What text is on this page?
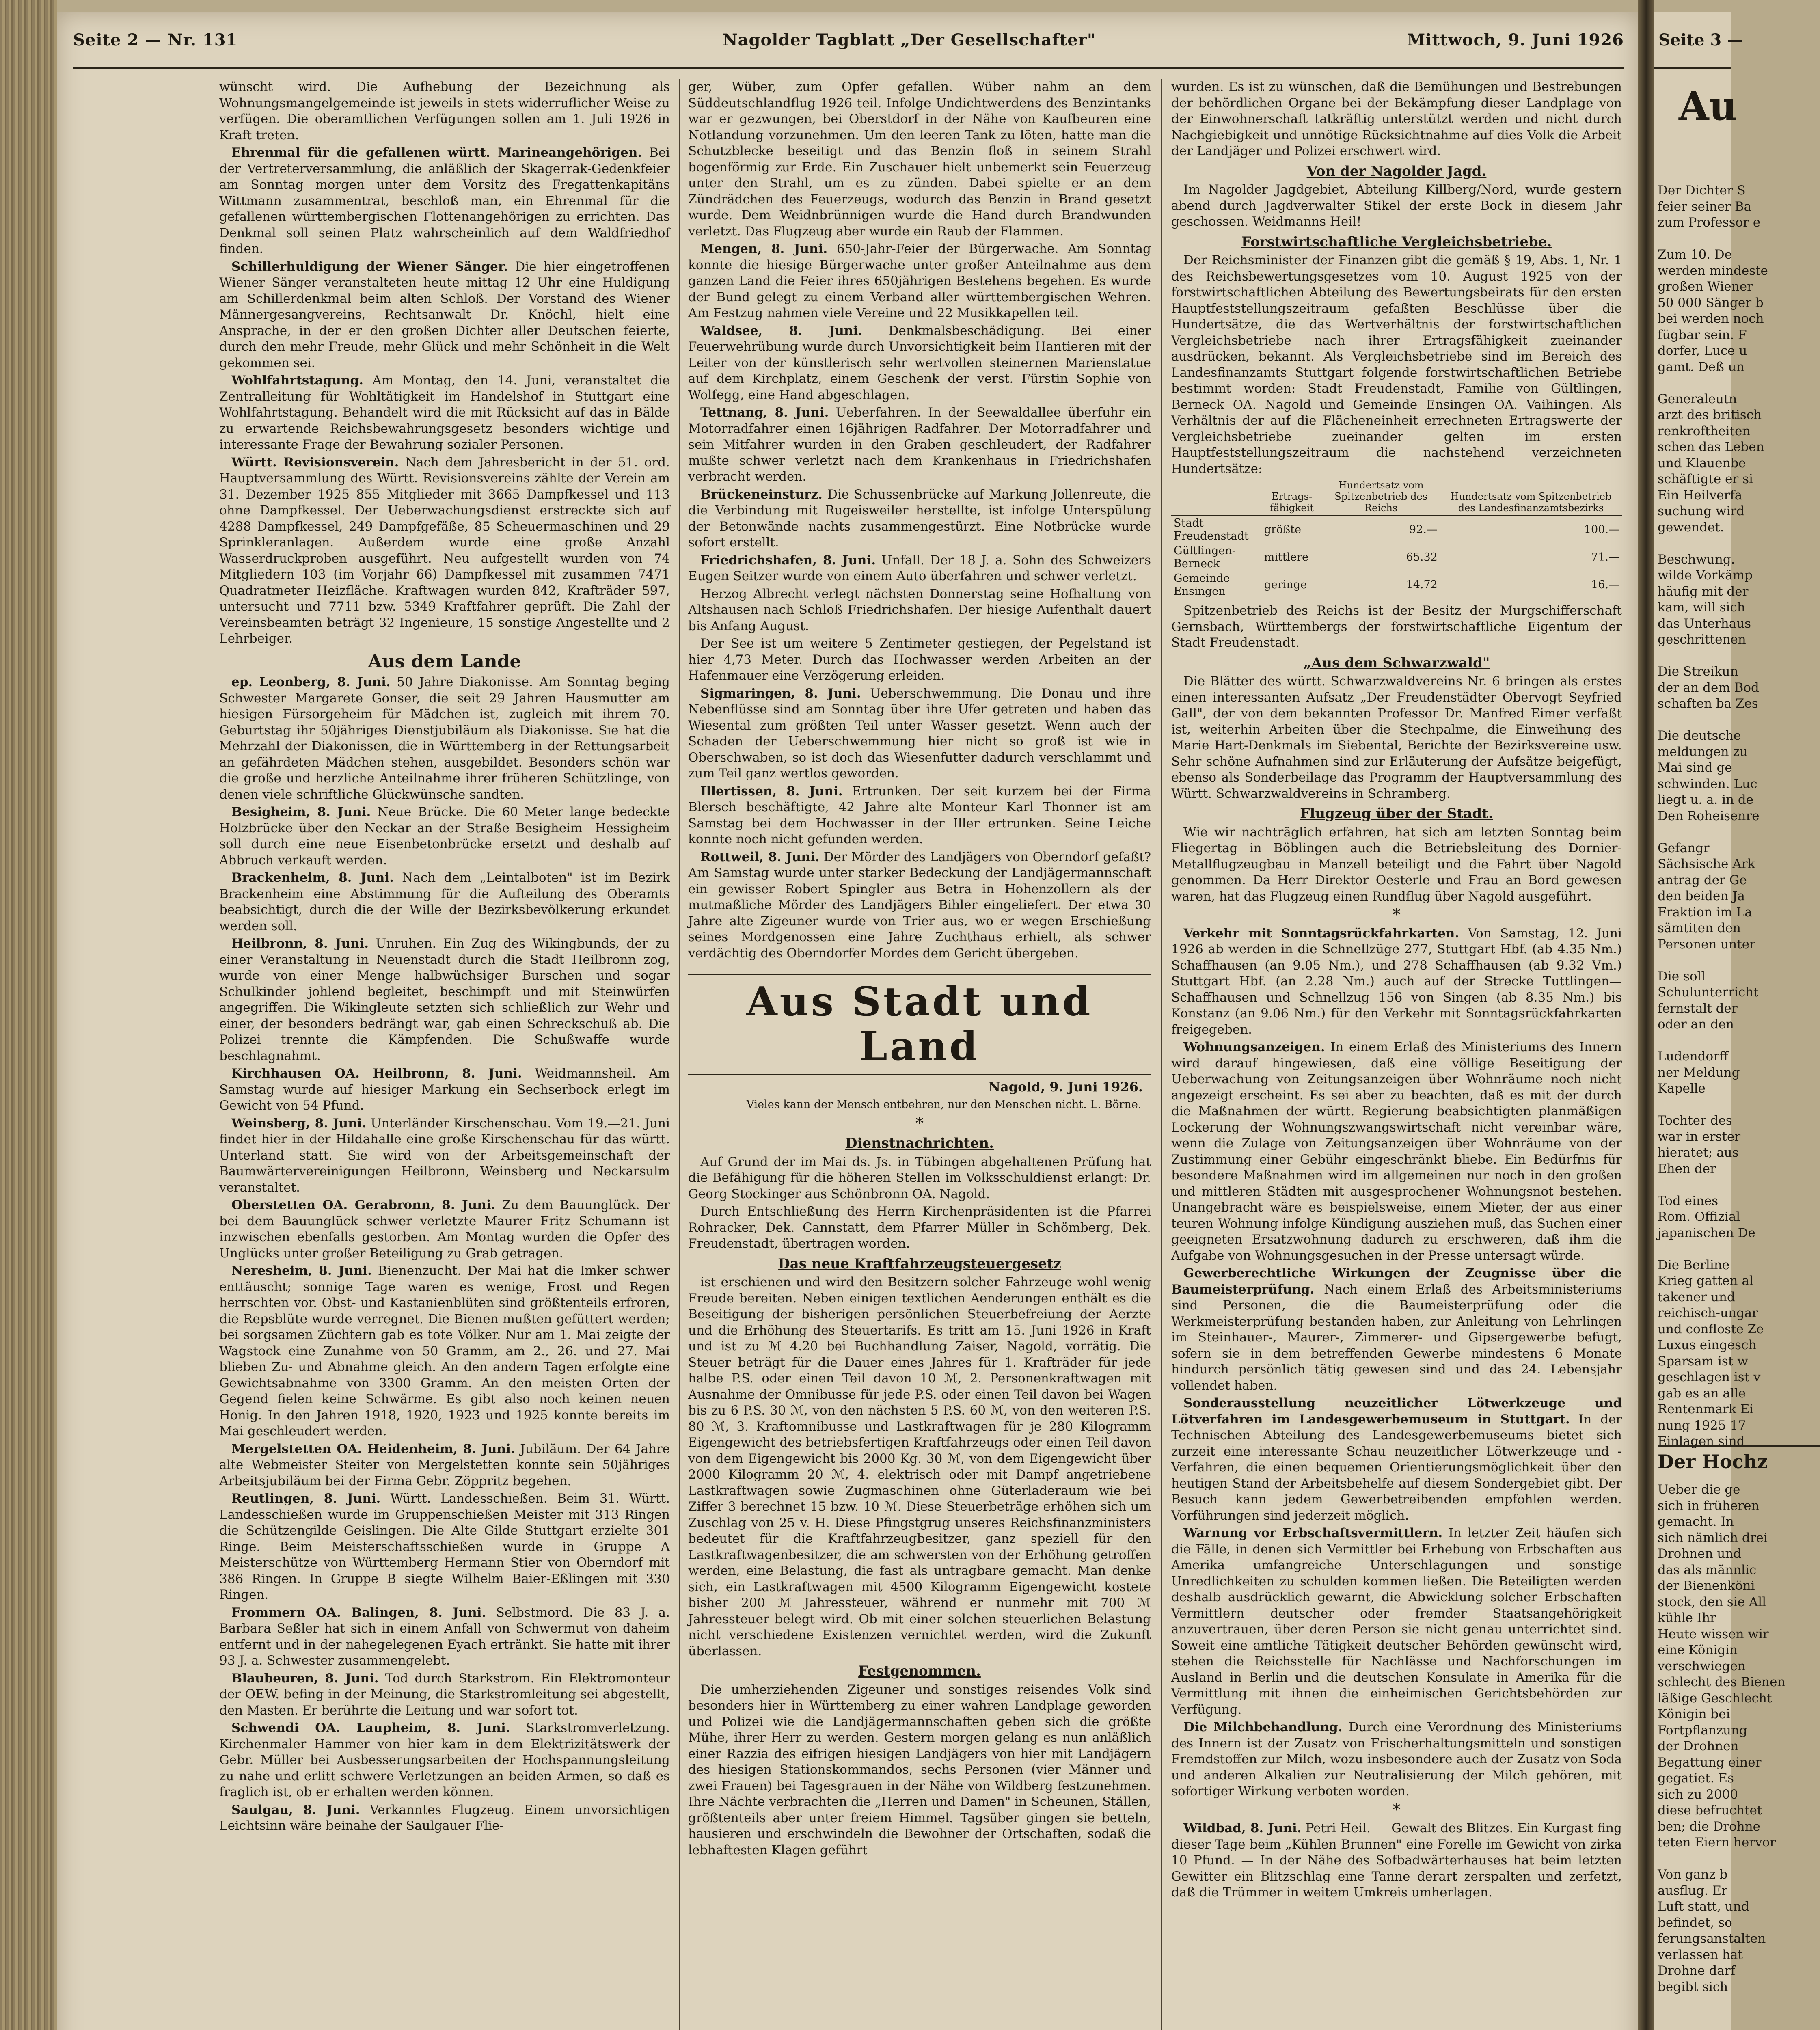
Seite 2 — Nr. 131	Nagolder Tagblatt „Der Gesellschafter"	Mittwoch, 9. Juni 1926

wünscht wird. Die Aufhebung der Bezeichnung als Wohnungsmangelgemeinde ist jeweils in stets widerruflicher Weise zu verfügen. Die oberamtlichen Verfügungen sollen am 1. Juli 1926 in Kraft treten.

Ehrenmal für die gefallenen württ. Marineangehörigen. Bei der Vertreterversammlung, die anläßlich der Skagerrak-Gedenkfeier am Sonntag morgen unter dem Vorsitz des Fregattenkapitäns Wittmann zusammentrat, beschloß man, ein Ehrenmal für die gefallenen württembergischen Flottenangehörigen zu errichten. Das Denkmal soll seinen Platz wahrscheinlich auf dem Waldfriedhof finden.

Schillerhuldigung der Wiener Sänger. Die hier eingetroffenen Wiener Sänger veranstalteten heute mittag 12 Uhr eine Huldigung am Schillerdenkmal beim alten Schloß. Der Vorstand des Wiener Männergesangvereins, Rechtsanwalt Dr. Knöchl, hielt eine Ansprache, in der er den großen Dichter aller Deutschen feierte, durch den mehr Freude, mehr Glück und mehr Schönheit in die Welt gekommen sei.

Wohlfahrtstagung. Am Montag, den 14. Juni, veranstaltet die Zentralleitung für Wohltätigkeit im Handelshof in Stuttgart eine Wohlfahrtstagung. Behandelt wird die mit Rücksicht auf das in Bälde zu erwartende Reichsbewahrungsgesetz besonders wichtige und interessante Frage der Bewahrung sozialer Personen.

Württ. Revisionsverein. Nach dem Jahresbericht in der 51. ord. Hauptversammlung des Württ. Revisionsvereins zählte der Verein am 31. Dezember 1925 855 Mitglieder mit 3665 Dampfkessel und 113 ohne Dampfkessel. Der Ueberwachungsdienst erstreckte sich auf 4288 Dampfkessel, 249 Dampfgefäße, 85 Scheuermaschinen und 29 Sprinkleranlagen. Außerdem wurde eine große Anzahl Wasserdruckproben ausgeführt. Neu aufgestellt wurden von 74 Mitgliedern 103 (im Vorjahr 66) Dampfkessel mit zusammen 7471 Quadratmeter Heizfläche. Kraftwagen wurden 842, Krafträder 597, untersucht und 7711 bzw. 5349 Kraftfahrer geprüft. Die Zahl der Vereinsbeamten beträgt 32 Ingenieure, 15 sonstige Angestellte und 2 Lehrbeiger.

Aus dem Lande

ep. Leonberg, 8. Juni. 50 Jahre Diakonisse. Am Sonntag beging Schwester Margarete Gonser, die seit 29 Jahren Hausmutter am hiesigen Fürsorgeheim für Mädchen ist, zugleich mit ihrem 70. Geburtstag ihr 50jähriges Dienstjubiläum als Diakonisse. Sie hat die Mehrzahl der Diakonissen, die in Württemberg in der Rettungsarbeit an gefährdeten Mädchen stehen, ausgebildet. Besonders schön war die große und herzliche Anteilnahme ihrer früheren Schützlinge, von denen viele schriftliche Glückwünsche sandten.

Besigheim, 8. Juni. Neue Brücke. Die 60 Meter lange bedeckte Holzbrücke über den Neckar an der Straße Besigheim—Hessigheim soll durch eine neue Eisenbetonbrücke ersetzt und deshalb auf Abbruch verkauft werden.

Brackenheim, 8. Juni. Nach dem „Leintalboten" ist im Bezirk Brackenheim eine Abstimmung für die Aufteilung des Oberamts beabsichtigt, durch die der Wille der Bezirksbevölkerung erkundet werden soll.

Heilbronn, 8. Juni. Unruhen. Ein Zug des Wikingbunds, der zu einer Veranstaltung in Neuenstadt durch die Stadt Heilbronn zog, wurde von einer Menge halbwüchsiger Burschen und sogar Schulkinder johlend begleitet, beschimpft und mit Steinwürfen angegriffen. Die Wikingleute setzten sich schließlich zur Wehr und einer, der besonders bedrängt war, gab einen Schreckschuß ab. Die Polizei trennte die Kämpfenden. Die Schußwaffe wurde beschlagnahmt.

Kirchhausen OA. Heilbronn, 8. Juni. Weidmannsheil. Am Samstag wurde auf hiesiger Markung ein Sechserbock erlegt im Gewicht von 54 Pfund.

Weinsberg, 8. Juni. Unterländer Kirschenschau. Vom 19.—21. Juni findet hier in der Hildahalle eine große Kirschenschau für das württ. Unterland statt. Sie wird von der Arbeitsgemeinschaft der Baumwärtervereinigungen Heilbronn, Weinsberg und Neckarsulm veranstaltet.

Oberstetten OA. Gerabronn, 8. Juni. Zu dem Bauunglück. Der bei dem Bauunglück schwer verletzte Maurer Fritz Schumann ist inzwischen ebenfalls gestorben. Am Montag wurden die Opfer des Unglücks unter großer Beteiligung zu Grab getragen.

Neresheim, 8. Juni. Bienenzucht. Der Mai hat die Imker schwer enttäuscht; sonnige Tage waren es wenige, Frost und Regen herrschten vor. Obst- und Kastanienblüten sind größtenteils erfroren, die Repsblüte wurde verregnet. Die Bienen mußten gefüttert werden; bei sorgsamen Züchtern gab es tote Völker. Nur am 1. Mai zeigte der Wagstock eine Zunahme von 50 Gramm, am 2., 26. und 27. Mai blieben Zu- und Abnahme gleich. An den andern Tagen erfolgte eine Gewichtsabnahme von 3300 Gramm. An den meisten Orten der Gegend fielen keine Schwärme. Es gibt also noch keinen neuen Honig. In den Jahren 1918, 1920, 1923 und 1925 konnte bereits im Mai geschleudert werden.

Mergelstetten OA. Heidenheim, 8. Juni. Jubiläum. Der 64 Jahre alte Webmeister Steiter von Mergelstetten konnte sein 50jähriges Arbeitsjubiläum bei der Firma Gebr. Zöppritz begehen.

Reutlingen, 8. Juni. Württ. Landesschießen. Beim 31. Württ. Landesschießen wurde im Gruppenschießen Meister mit 313 Ringen die Schützengilde Geislingen. Die Alte Gilde Stuttgart erzielte 301 Ringe. Beim Meisterschaftsschießen wurde in Gruppe A Meisterschütze von Württemberg Hermann Stier von Oberndorf mit 386 Ringen. In Gruppe B siegte Wilhelm Baier-Eßlingen mit 330 Ringen.

Frommern OA. Balingen, 8. Juni. Selbstmord. Die 83 J. a. Barbara Seßler hat sich in einem Anfall von Schwermut von daheim entfernt und in der nahegelegenen Eyach ertränkt. Sie hatte mit ihrer 93 J. a. Schwester zusammengelebt.

Blaubeuren, 8. Juni. Tod durch Starkstrom. Ein Elektromonteur der OEW. befing in der Meinung, die Starkstromleitung sei abgestellt, den Masten. Er berührte die Leitung und war sofort tot.

Schwendi OA. Laupheim, 8. Juni. Starkstromverletzung. Kirchenmaler Hammer von hier kam in dem Elektrizitätswerk der Gebr. Müller bei Ausbesserungsarbeiten der Hochspannungsleitung zu nahe und erlitt schwere Verletzungen an beiden Armen, so daß es fraglich ist, ob er erhalten werden können.

Saulgau, 8. Juni. Verkanntes Flugzeug. Einem unvorsichtigen Leichtsinn wäre beinahe der Saulgauer Flie-

ger, Wüber, zum Opfer gefallen. Wüber nahm an dem Süddeutschlandflug 1926 teil. Infolge Undichtwerdens des Benzintanks war er gezwungen, bei Oberstdorf in der Nähe von Kaufbeuren eine Notlandung vorzunehmen. Um den leeren Tank zu löten, hatte man die Schutzblecke beseitigt und das Benzin floß in seinem Strahl bogenförmig zur Erde. Ein Zuschauer hielt unbemerkt sein Feuerzeug unter den Strahl, um es zu zünden. Dabei spielte er an dem Zündrädchen des Feuerzeugs, wodurch das Benzin in Brand gesetzt wurde. Dem Weidnbrünnigen wurde die Hand durch Brandwunden verletzt. Das Flugzeug aber wurde ein Raub der Flammen.

Mengen, 8. Juni. 650-Jahr-Feier der Bürgerwache. Am Sonntag konnte die hiesige Bürgerwache unter großer Anteilnahme aus dem ganzen Land die Feier ihres 650jährigen Bestehens begehen. Es wurde der Bund gelegt zu einem Verband aller württembergischen Wehren. Am Festzug nahmen viele Vereine und 22 Musikkapellen teil.

Waldsee, 8. Juni. Denkmalsbeschädigung. Bei einer Feuerwehrübung wurde durch Unvorsichtigkeit beim Hantieren mit der Leiter von der künstlerisch sehr wertvollen steinernen Marienstatue auf dem Kirchplatz, einem Geschenk der verst. Fürstin Sophie von Wolfegg, eine Hand abgeschlagen.

Tettnang, 8. Juni. Ueberfahren. In der Seewaldallee überfuhr ein Motorradfahrer einen 16jährigen Radfahrer. Der Motorradfahrer und sein Mitfahrer wurden in den Graben geschleudert, der Radfahrer mußte schwer verletzt nach dem Krankenhaus in Friedrichshafen verbracht werden.

Brückeneinsturz. Die Schussenbrücke auf Markung Jollenreute, die die Verbindung mit Rugeisweiler herstellte, ist infolge Unterspülung der Betonwände nachts zusammengestürzt. Eine Notbrücke wurde sofort erstellt.

Friedrichshafen, 8. Juni. Unfall. Der 18 J. a. Sohn des Schweizers Eugen Seitzer wurde von einem Auto überfahren und schwer verletzt.

Herzog Albrecht verlegt nächsten Donnerstag seine Hofhaltung von Altshausen nach Schloß Friedrichshafen. Der hiesige Aufenthalt dauert bis Anfang August.

Der See ist um weitere 5 Zentimeter gestiegen, der Pegelstand ist hier 4,73 Meter. Durch das Hochwasser werden Arbeiten an der Hafenmauer eine Verzögerung erleiden.

Sigmaringen, 8. Juni. Ueberschwemmung. Die Donau und ihre Nebenflüsse sind am Sonntag über ihre Ufer getreten und haben das Wiesental zum größten Teil unter Wasser gesetzt. Wenn auch der Schaden der Ueberschwemmung hier nicht so groß ist wie in Oberschwaben, so ist doch das Wiesenfutter dadurch verschlammt und zum Teil ganz wertlos geworden.

Illertissen, 8. Juni. Ertrunken. Der seit kurzem bei der Firma Blersch beschäftigte, 42 Jahre alte Monteur Karl Thonner ist am Samstag bei dem Hochwasser in der Iller ertrunken. Seine Leiche konnte noch nicht gefunden werden.

Rottweil, 8. Juni. Der Mörder des Landjägers von Oberndorf gefaßt? Am Samstag wurde unter starker Bedeckung der Landjägermannschaft ein gewisser Robert Spingler aus Betra in Hohenzollern als der mutmaßliche Mörder des Landjägers Bihler eingeliefert. Der etwa 30 Jahre alte Zigeuner wurde von Trier aus, wo er wegen Erschießung seines Mordgenossen eine Jahre Zuchthaus erhielt, als schwer verdächtig des Oberndorfer Mordes dem Gericht übergeben.

Aus Stadt und Land
Nagold, 9. Juni 1926.
Vieles kann der Mensch entbehren, nur den Menschen nicht. L. Börne.
*
Dienstnachrichten.

Auf Grund der im Mai ds. Js. in Tübingen abgehaltenen Prüfung hat die Befähigung für die höheren Stellen im Volksschuldienst erlangt: Dr. Georg Stockinger aus Schönbronn OA. Nagold.

Durch Entschließung des Herrn Kirchenpräsidenten ist die Pfarrei Rohracker, Dek. Cannstatt, dem Pfarrer Müller in Schömberg, Dek. Freudenstadt, übertragen worden.

Das neue Kraftfahrzeugsteuergesetz

ist erschienen und wird den Besitzern solcher Fahrzeuge wohl wenig Freude bereiten. Neben einigen textlichen Aenderungen enthält es die Beseitigung der bisherigen persönlichen Steuerbefreiung der Aerzte und die Erhöhung des Steuertarifs. Es tritt am 15. Juni 1926 in Kraft und ist zu ℳ 4.20 bei Buchhandlung Zaiser, Nagold, vorrätig. Die Steuer beträgt für die Dauer eines Jahres für 1. Krafträder für jede halbe P.S. oder einen Teil davon 10 ℳ, 2. Personenkraftwagen mit Ausnahme der Omnibusse für jede P.S. oder einen Teil davon bei Wagen bis zu 6 P.S. 30 ℳ, von den nächsten 5 P.S. 60 ℳ, von den weiteren P.S. 80 ℳ, 3. Kraftomnibusse und Lastkraftwagen für je 280 Kilogramm Eigengewicht des betriebsfertigen Kraftfahrzeugs oder einen Teil davon von dem Eigengewicht bis 2000 Kg. 30 ℳ, von dem Eigengewicht über 2000 Kilogramm 20 ℳ, 4. elektrisch oder mit Dampf angetriebene Lastkraftwagen sowie Zugmaschinen ohne Güterladeraum wie bei Ziffer 3 berechnet 15 bzw. 10 ℳ. Diese Steuerbeträge erhöhen sich um Zuschlag von 25 v. H. Diese Pfingstgrug unseres Reichsfinanzministers bedeutet für die Kraftfahrzeugbesitzer, ganz speziell für den Lastkraftwagenbesitzer, die am schwersten von der Erhöhung getroffen werden, eine Belastung, die fast als untragbare gemacht. Man denke sich, ein Lastkraftwagen mit 4500 Kilogramm Eigengewicht kostete bisher 200 ℳ Jahressteuer, während er nunmehr mit 700 ℳ Jahressteuer belegt wird. Ob mit einer solchen steuerlichen Belastung nicht verschiedene Existenzen vernichtet werden, wird die Zukunft überlassen.

Festgenommen.

Die umherziehenden Zigeuner und sonstiges reisendes Volk sind besonders hier in Württemberg zu einer wahren Landplage geworden und Polizei wie die Landjägermannschaften geben sich die größte Mühe, ihrer Herr zu werden. Gestern morgen gelang es nun anläßlich einer Razzia des eifrigen hiesigen Landjägers von hier mit Landjägern des hiesigen Stationskommandos, sechs Personen (vier Männer und zwei Frauen) bei Tagesgrauen in der Nähe von Wildberg festzunehmen. Ihre Nächte verbrachten die „Herren und Damen" in Scheunen, Ställen, größtenteils aber unter freiem Himmel. Tagsüber gingen sie betteln, hausieren und erschwindeln die Bewohner der Ortschaften, sodaß die lebhaftesten Klagen geführt

wurden. Es ist zu wünschen, daß die Bemühungen und Bestrebungen der behördlichen Organe bei der Bekämpfung dieser Landplage von der Einwohnerschaft tatkräftig unterstützt werden und nicht durch Nachgiebigkeit und unnötige Rücksichtnahme auf dies Volk die Arbeit der Landjäger und Polizei erschwert wird.

Von der Nagolder Jagd.

Im Nagolder Jagdgebiet, Abteilung Killberg/Nord, wurde gestern abend durch Jagdverwalter Stikel der erste Bock in diesem Jahr geschossen. Weidmanns Heil!

Forstwirtschaftliche Vergleichsbetriebe.

Der Reichsminister der Finanzen gibt die gemäß § 19, Abs. 1, Nr. 1 des Reichsbewertungsgesetzes vom 10. August 1925 von der forstwirtschaftlichen Abteilung des Bewertungsbeirats für den ersten Hauptfeststellungszeitraum gefaßten Beschlüsse über die Hundertsätze, die das Wertverhältnis der forstwirtschaftlichen Vergleichsbetriebe nach ihrer Ertragsfähigkeit zueinander ausdrücken, bekannt. Als Vergleichsbetriebe sind im Bereich des Landesfinanzamts Stuttgart folgende forstwirtschaftlichen Betriebe bestimmt worden: Stadt Freudenstadt, Familie von Gültlingen, Berneck OA. Nagold und Gemeinde Ensingen OA. Vaihingen. Als Verhältnis der auf die Flächeneinheit errechneten Ertragswerte der Vergleichsbetriebe zueinander gelten im ersten Hauptfeststellungszeitraum die nachstehend verzeichneten Hundertsätze:

	Ertrags-fähigkeit	Hundertsatz vom Spitzenbetrieb des Reichs	Hundertsatz vom Spitzenbetrieb des Landesfinanzamtsbezirks
Stadt Freudenstadt	größte	92.—	100.—
Gültlingen-Berneck	mittlere	65.32	71.—
Gemeinde Ensingen	geringe	14.72	16.—

Spitzenbetrieb des Reichs ist der Besitz der Murgschifferschaft Gernsbach, Württembergs der forstwirtschaftliche Eigentum der Stadt Freudenstadt.

„Aus dem Schwarzwald"

Die Blätter des württ. Schwarzwaldvereins Nr. 6 bringen als erstes einen interessanten Aufsatz „Der Freudenstädter Obervogt Seyfried Gall", der von dem bekannten Professor Dr. Manfred Eimer verfaßt ist, weiterhin Arbeiten über die Stechpalme, die Einweihung des Marie Hart-Denkmals im Siebental, Berichte der Bezirksvereine usw. Sehr schöne Aufnahmen sind zur Erläuterung der Aufsätze beigefügt, ebenso als Sonderbeilage das Programm der Hauptversammlung des Württ. Schwarzwaldvereins in Schramberg.

Flugzeug über der Stadt.

Wie wir nachträglich erfahren, hat sich am letzten Sonntag beim Fliegertag in Böblingen auch die Betriebsleitung des Dornier-Metallflugzeugbau in Manzell beteiligt und die Fahrt über Nagold genommen. Da Herr Direktor Oesterle und Frau an Bord gewesen waren, hat das Flugzeug einen Rundflug über Nagold ausgeführt.

*

Verkehr mit Sonntagsrückfahrkarten. Von Samstag, 12. Juni 1926 ab werden in die Schnellzüge 277, Stuttgart Hbf. (ab 4.35 Nm.) Schaffhausen (an 9.05 Nm.), und 278 Schaffhausen (ab 9.32 Vm.) Stuttgart Hbf. (an 2.28 Nm.) auch auf der Strecke Tuttlingen—Schaffhausen und Schnellzug 156 von Singen (ab 8.35 Nm.) bis Konstanz (an 9.06 Nm.) für den Verkehr mit Sonntagsrückfahrkarten freigegeben.

Wohnungsanzeigen. In einem Erlaß des Ministeriums des Innern wird darauf hingewiesen, daß eine völlige Beseitigung der Ueberwachung von Zeitungsanzeigen über Wohnräume noch nicht angezeigt erscheint. Es sei aber zu beachten, daß es mit der durch die Maßnahmen der württ. Regierung beabsichtigten planmäßigen Lockerung der Wohnungszwangswirtschaft nicht vereinbar wäre, wenn die Zulage von Zeitungsanzeigen über Wohnräume von der Zustimmung einer Gebühr eingeschränkt bliebe. Ein Bedürfnis für besondere Maßnahmen wird im allgemeinen nur noch in den großen und mittleren Städten mit ausgesprochener Wohnungsnot bestehen. Unangebracht wäre es beispielsweise, einem Mieter, der aus einer teuren Wohnung infolge Kündigung ausziehen muß, das Suchen einer geeigneten Ersatzwohnung dadurch zu erschweren, daß ihm die Aufgabe von Wohnungsgesuchen in der Presse untersagt würde.

Gewerberechtliche Wirkungen der Zeugnisse über die Baumeisterprüfung. Nach einem Erlaß des Arbeitsministeriums sind Personen, die die Baumeisterprüfung oder die Werkmeisterprüfung bestanden haben, zur Anleitung von Lehrlingen im Steinhauer-, Maurer-, Zimmerer- und Gipsergewerbe befugt, sofern sie in dem betreffenden Gewerbe mindestens 6 Monate hindurch persönlich tätig gewesen sind und das 24. Lebensjahr vollendet haben.

Sonderausstellung neuzeitlicher Lötwerkzeuge und Lötverfahren im Landesgewerbemuseum in Stuttgart. In der Technischen Abteilung des Landesgewerbemuseums bietet sich zurzeit eine interessante Schau neuzeitlicher Lötwerkzeuge und -Verfahren, die einen bequemen Orientierungsmöglichkeit über den heutigen Stand der Arbeitsbehelfe auf diesem Sondergebiet gibt. Der Besuch kann jedem Gewerbetreibenden empfohlen werden. Vorführungen sind jederzeit möglich.

Warnung vor Erbschaftsvermittlern. In letzter Zeit häufen sich die Fälle, in denen sich Vermittler bei Erhebung von Erbschaften aus Amerika umfangreiche Unterschlagungen und sonstige Unredlichkeiten zu schulden kommen ließen. Die Beteiligten werden deshalb ausdrücklich gewarnt, die Abwicklung solcher Erbschaften Vermittlern deutscher oder fremder Staatsangehörigkeit anzuvertrauen, über deren Person sie nicht genau unterrichtet sind. Soweit eine amtliche Tätigkeit deutscher Behörden gewünscht wird, stehen die Reichsstelle für Nachlässe und Nachforschungen im Ausland in Berlin und die deutschen Konsulate in Amerika für die Vermittlung mit ihnen die einheimischen Gerichtsbehörden zur Verfügung.

Die Milchbehandlung. Durch eine Verordnung des Ministeriums des Innern ist der Zusatz von Frischerhaltungsmitteln und sonstigen Fremdstoffen zur Milch, wozu insbesondere auch der Zusatz von Soda und anderen Alkalien zur Neutralisierung der Milch gehören, mit sofortiger Wirkung verboten worden.

*

Wildbad, 8. Juni. Petri Heil. — Gewalt des Blitzes. Ein Kurgast fing dieser Tage beim „Kühlen Brunnen" eine Forelle im Gewicht von zirka 10 Pfund. — In der Nähe des Sofbadwärterhauses hat beim letzten Gewitter ein Blitzschlag eine Tanne derart zerspalten und zerfetzt, daß die Trümmer in weitem Umkreis umherlagen.

Seite 3 —
Au
Der Dichter S
feier seiner Ba
zum Professor e

Zum 10. De
werden mindeste
großen Wiener
50 000 Sänger b
bei werden noch
fügbar sein. F
dorfer, Luce u
gamt. Deß un

Generaleutn
arzt des britisch
renkroftheiten
schen das Leben
und Klauenbe
schäftigte er si
Ein Heilverfa
suchung wird
gewendet.

Beschwung.
wilde Vorkämp
häufig mit der
kam, will sich
das Unterhaus
geschrittenen

Die Streikun
der an dem Bod
schaften ba Zes

Die deutsche
meldungen zu
Mai sind ge
schwinden. Luc
liegt u. a. in de
Den Roheisenre

Gefangr
Sächsische Ark
antrag der Ge
den beiden Ja
Fraktion im La
sämtiten den
Personen unter

Die soll
Schulunterricht
fernstalt der
oder an den

Ludendorff
ner Meldung
Kapelle

Tochter des
war in erster
hieratet; aus
Ehen der

Tod eines
Rom. Offizial
japanischen De

Die Berline
Krieg gatten al
takener und
reichisch-ungar
und confloste Ze
Luxus eingesch
Sparsam ist w
geschlagen ist v
gab es an alle
Rentenmark Ei
nung 1925 17
Einlagen sind
Der Hochz
Ueber die ge
sich in früheren
gemacht. In
sich nämlich drei
Drohnen und
das als männlic
der Bienenköni
stock, den sie All
kühle Ihr
Heute wissen wir
eine Königin
verschwiegen
schlecht des Bienen
läßige Geschlecht
Königin bei
Fortpflanzung
der Drohnen
Begattung einer
gegatiet. Es
sich zu 2000
diese befruchtet
ben; die Drohne
teten Eiern hervor

Von ganz b
ausflug. Er
Luft statt, und
befindet, so
ferungsanstalten
verlassen hat
Drohne darf
begibt sich
